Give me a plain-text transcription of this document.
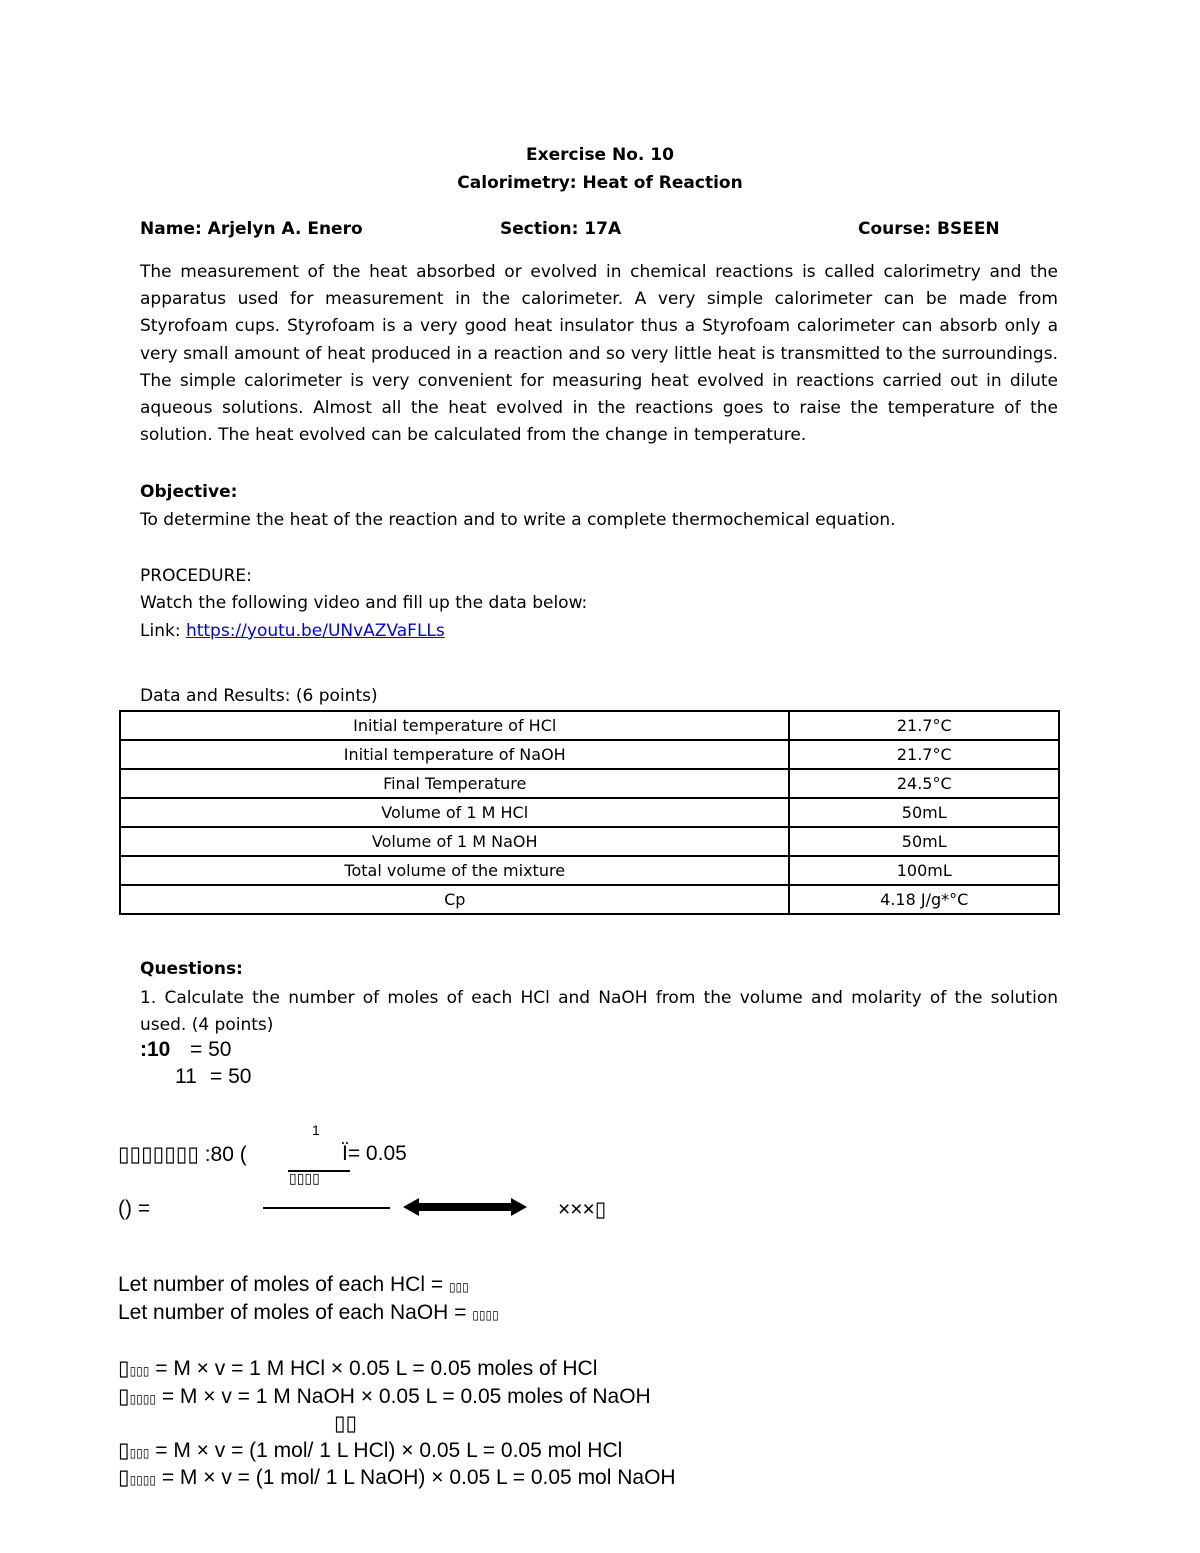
Exercise No. 10
Calorimetry: Heat of Reaction
Name: Arjelyn A. Enero	Section: 17A	Course: BSEEN
The measurement of the heat absorbed or evolved in chemical reactions is called calorimetry and the apparatus used for measurement in the calorimeter. A very simple calorimeter can be made from Styrofoam cups. Styrofoam is a very good heat insulator thus a Styrofoam calorimeter can absorb only a very small amount of heat produced in a reaction and so very little heat is transmitted to the surroundings. The simple calorimeter is very convenient for measuring heat evolved in reactions carried out in dilute aqueous solutions. Almost all the heat evolved in the reactions goes to raise the temperature of the solution. The heat evolved can be calculated from the change in temperature.
Objective:
To determine the heat of the reaction and to write a complete thermochemical equation.
PROCEDURE:
Watch the following video and fill up the data below:
Link: https://youtu.be/UNvAZVaFLLs
Data and Results: (6 points)
Initial temperature of HCl	21.7°C
Initial temperature of NaOH	21.7°C
Final Temperature	24.5°C
Volume of 1 M HCl	50mL
Volume of 1 M NaOH	50mL
Total volume of the mixture	100mL
Cp	4.18 J/g*°C
Questions:
1. Calculate the number of moles of each HCl and NaOH from the volume and molarity of the solution
used. (4 points)
:10 = 50
11 = 50
1
▯▯▯▯▯▯▯ :80 (
▯▯▯▯
Ï= 0.05
() =	×××▯
Let number of moles of each HCl = ▯▯▯
Let number of moles of each NaOH = ▯▯▯▯
▯▯▯▯ = M × v = 1 M HCl × 0.05 L = 0.05 moles of HCl
▯▯▯▯▯ = M × v = 1 M NaOH × 0.05 L = 0.05 moles of NaOH
▯▯
▯▯▯▯ = M × v = (1 mol/ 1 L HCl) × 0.05 L = 0.05 mol HCl
▯▯▯▯▯ = M × v = (1 mol/ 1 L NaOH) × 0.05 L = 0.05 mol NaOH
